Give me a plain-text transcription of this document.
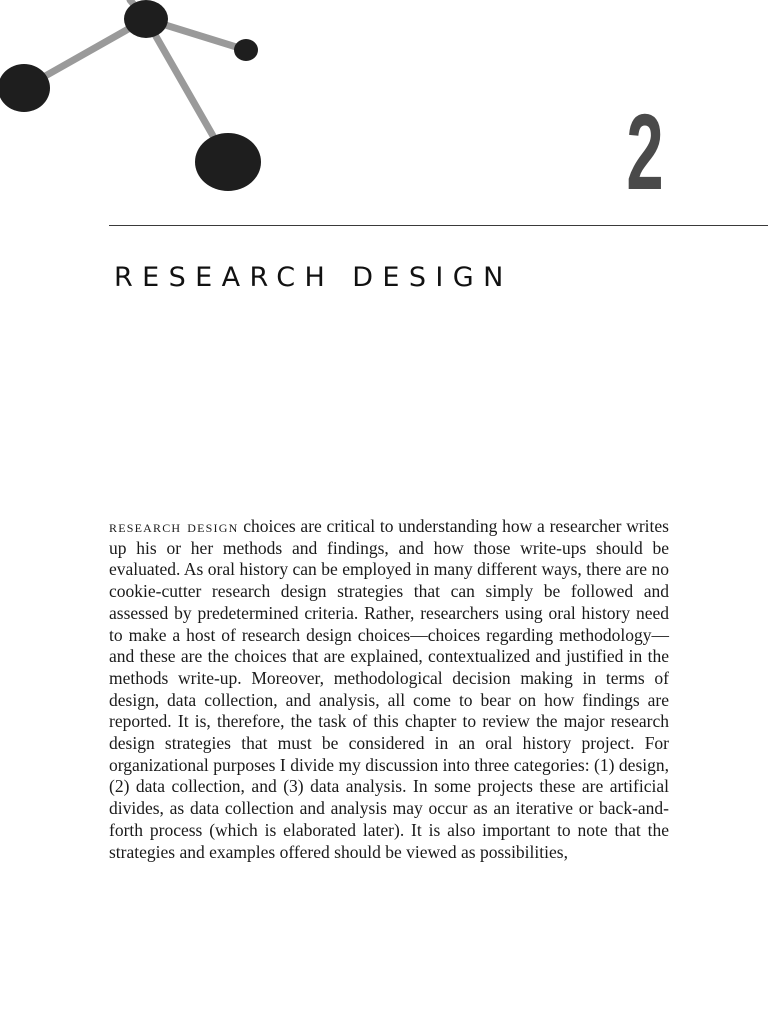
2
RESEARCH DESIGN

research design choices are critical to understanding how a researcher writes up his or her methods and findings, and how those write-ups should be evaluated. As oral history can be employed in many different ways, there are no cookie-cutter research design strategies that can simply be followed and assessed by predetermined criteria. Rather, researchers using oral history need to make a host of research design choices—choices regarding methodology—and these are the choices that are explained, contextualized and justified in the methods write-up. Moreover, methodological decision making in terms of design, data collection, and analysis, all come to bear on how findings are reported. It is, therefore, the task of this chapter to review the major research design strategies that must be considered in an oral history project. For organizational purposes I divide my discussion into three categories: (1) design, (2) data collection, and (3) data analysis. In some projects these are artificial divides, as data collection and analysis may occur as an iterative or back-and-forth process (which is elaborated later). It is also important to note that the strategies and examples offered should be viewed as possibilities,
